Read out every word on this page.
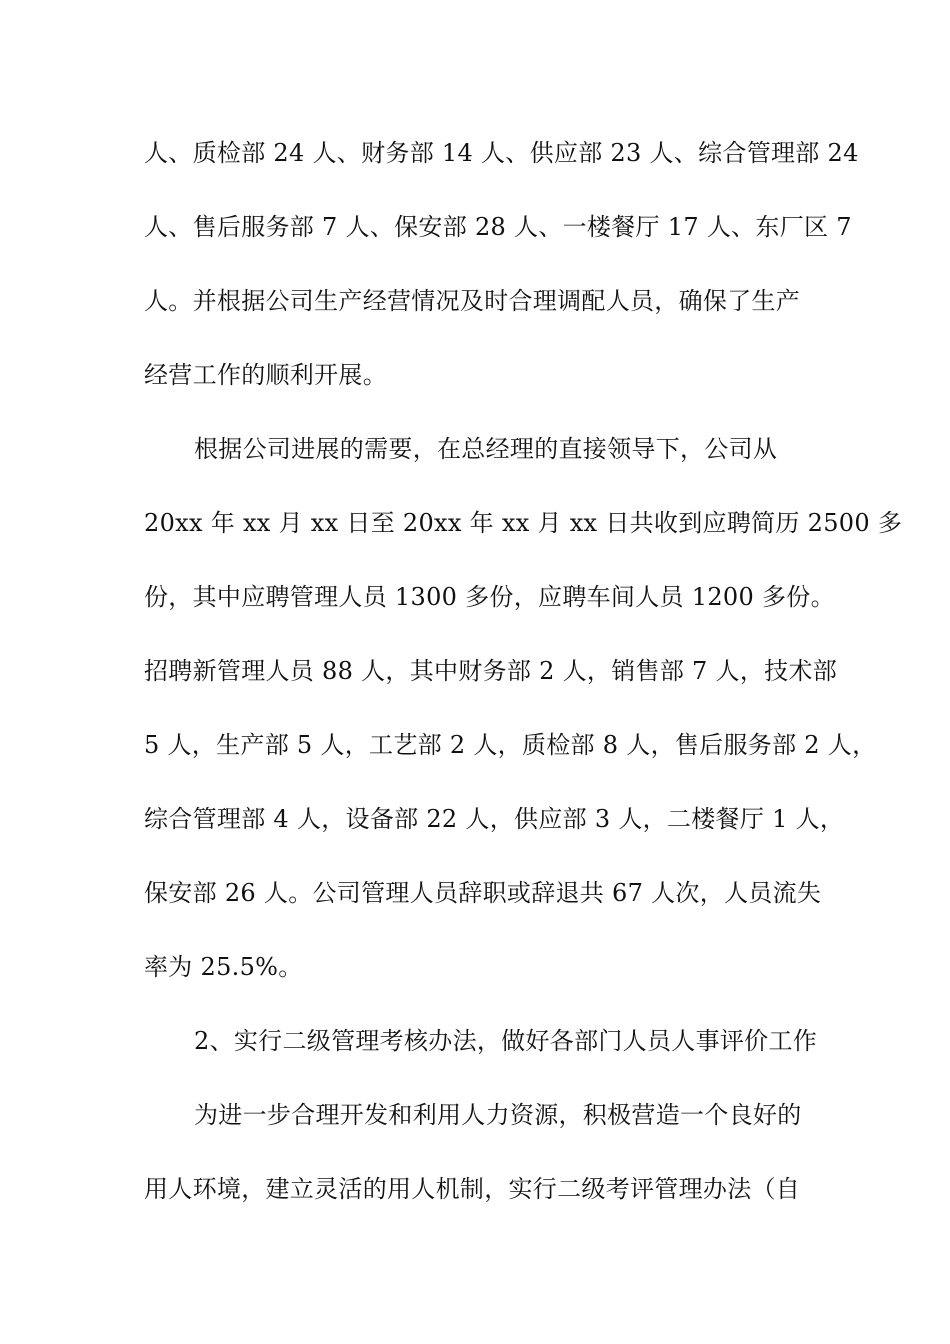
人、质检部 24 人、财务部 14 人、供应部 23 人、综合管理部 24
人、售后服务部 7 人、保安部 28 人、一楼餐厅 17 人、东厂区 7
人。并根据公司生产经营情况及时合理调配人员，确保了生产
经营工作的顺利开展。
根据公司进展的需要，在总经理的直接领导下，公司从
20xx 年 xx 月 xx 日至 20xx 年 xx 月 xx 日共收到应聘简历 2500 多
份，其中应聘管理人员 1300 多份，应聘车间人员 1200 多份。
招聘新管理人员 88 人，其中财务部 2 人，销售部 7 人，技术部
5 人，生产部 5 人，工艺部 2 人，质检部 8 人，售后服务部 2 人，
综合管理部 4 人，设备部 22 人，供应部 3 人，二楼餐厅 1 人，
保安部 26 人。公司管理人员辞职或辞退共 67 人次，人员流失
率为 25.5%。
2、实行二级管理考核办法，做好各部门人员人事评价工作
为进一步合理开发和利用人力资源，积极营造一个良好的
用人环境，建立灵活的用人机制，实行二级考评管理办法（自
